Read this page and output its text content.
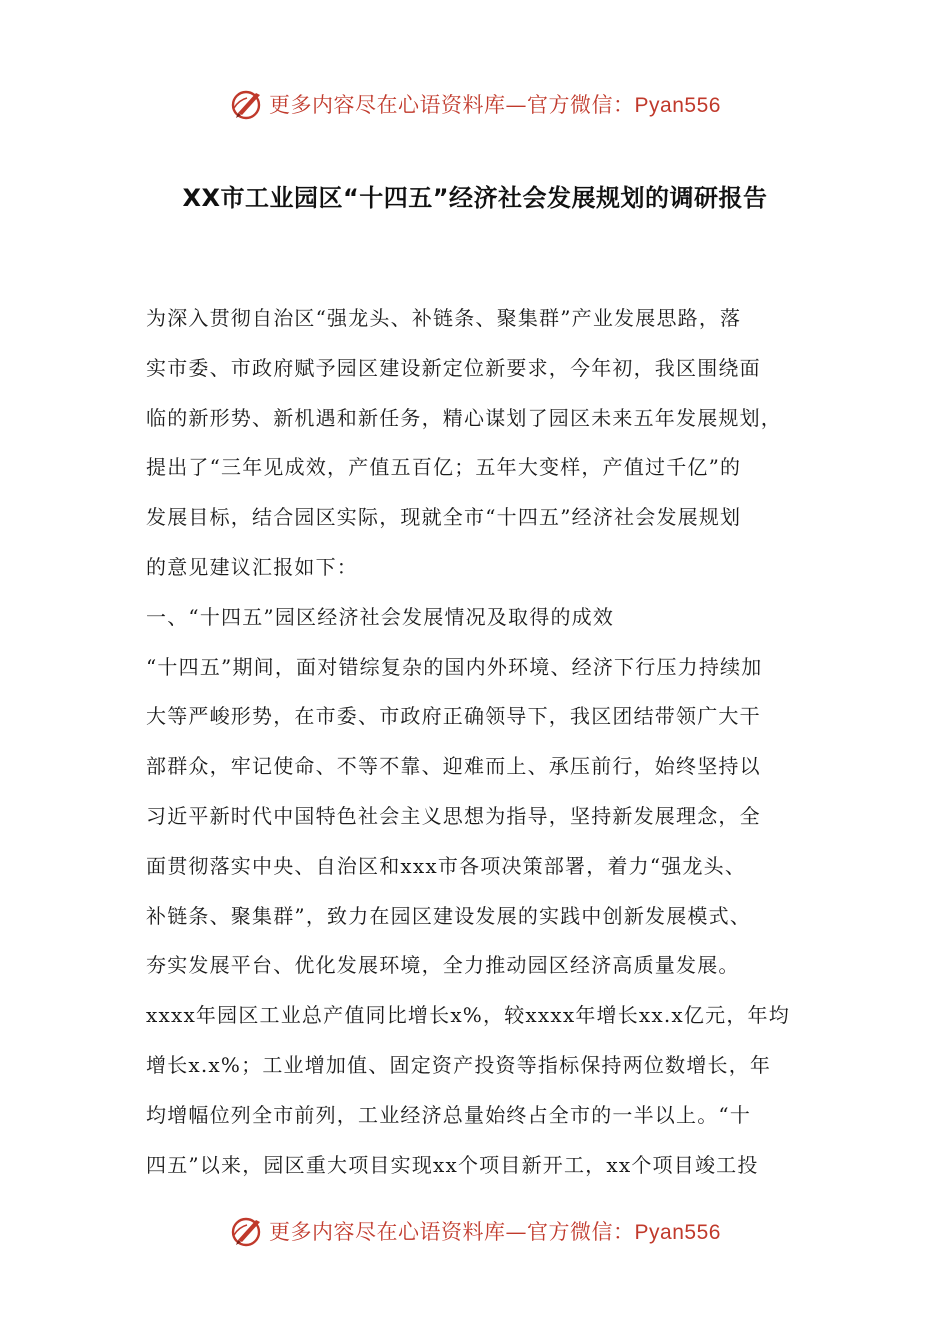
更多内容尽在心语资料库—官方微信：Pyan556
XX市工业园区“十四五”经济社会发展规划的调研报告
为深入贯彻自治区“强龙头、补链条、聚集群”产业发展思路，落
实市委、市政府赋予园区建设新定位新要求，今年初，我区围绕面
临的新形势、新机遇和新任务，精心谋划了园区未来五年发展规划，
提出了“三年见成效，产值五百亿；五年大变样，产值过千亿”的
发展目标，结合园区实际，现就全市“十四五”经济社会发展规划
的意见建议汇报如下：
一、“十四五”园区经济社会发展情况及取得的成效
“十四五”期间，面对错综复杂的国内外环境、经济下行压力持续加
大等严峻形势，在市委、市政府正确领导下，我区团结带领广大干
部群众，牢记使命、不等不靠、迎难而上、承压前行，始终坚持以
习近平新时代中国特色社会主义思想为指导，坚持新发展理念，全
面贯彻落实中央、自治区和xxx市各项决策部署，着力“强龙头、
补链条、聚集群”，致力在园区建设发展的实践中创新发展模式、
夯实发展平台、优化发展环境，全力推动园区经济高质量发展。
xxxx年园区工业总产值同比增长x%，较xxxx年增长xx.x亿元，年均
增长x.x%；工业增加值、固定资产投资等指标保持两位数增长，年
均增幅位列全市前列，工业经济总量始终占全市的一半以上。“十
四五”以来，园区重大项目实现xx个项目新开工，xx个项目竣工投
更多内容尽在心语资料库—官方微信：Pyan556
